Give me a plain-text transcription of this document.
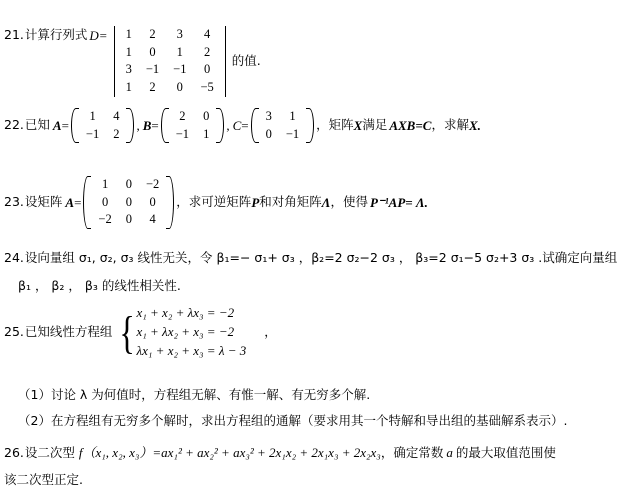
21. 计算行列式 D= 1	2	3	4
1	0	1	2
3	−1	−1	0
1	2	0	−5
的值.
22. 已知 A =
1	4
−1	2
, B =
2	0
−1	1
, C =
3	1
0	−1
，矩阵 X 满足 AXB=C ，求解 X.
23. 设矩阵 A =
1	0	−2
0	0	0
−2	0	4
，求可逆矩阵 P 和对角矩阵 Λ ，使得 P⁻¹AP= Λ.
24. 设向量组 σ₁, σ₂, σ₃ 线性无关，令 β₁=− σ₁+ σ₃ ，β₂=2 σ₂−2 σ₃ ， β₃=2 σ₁−5 σ₂+3 σ₃ .试确定向量组
β₁ ， β₂ ， β₃ 的线性相关性.
25. 已知线性方程组 { x₁ + x₂ + λx₃ = −2
x₁ + λx₂ + x₃ = −2
λx₁ + x₂ + x₃ = λ − 3
，
（1）讨论 λ 为何值时，方程组无解、有惟一解、有无穷多个解.
（2）在方程组有无穷多个解时，求出方程组的通解（要求用其一个特解和导出组的基础解系表示）.
26. 设二次型 f（x₁, x₂, x₃）=ax₁² + ax₂² + ax₃² + 2x₁x₂ + 2x₁x₃ + 2x₂x₃ ，确定常数 a 的最大取值范围使
该二次型正定.
